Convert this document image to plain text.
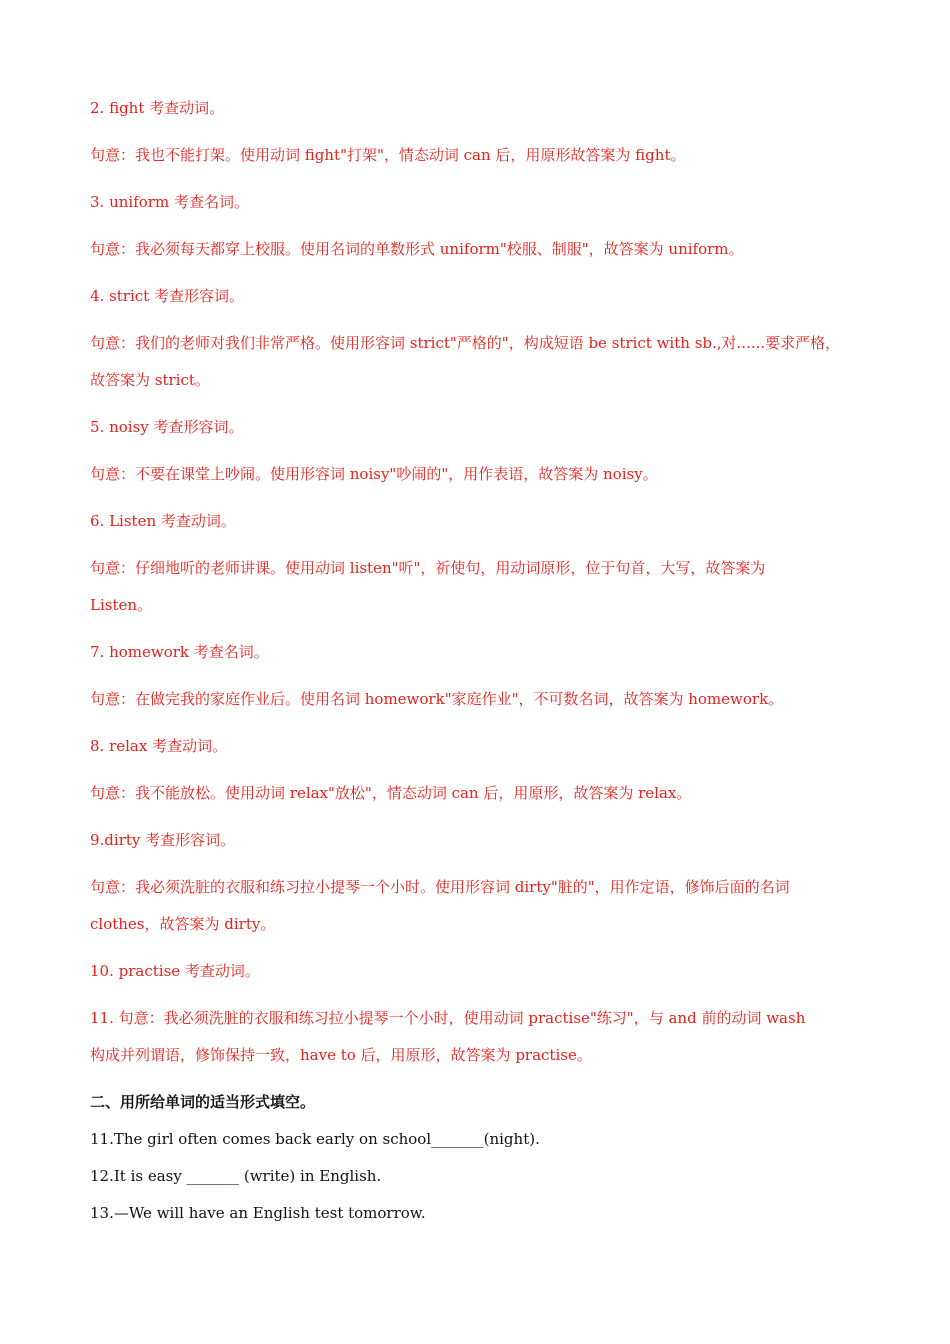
2. fight 考查动词。

句意：我也不能打架。使用动词 fight"打架"，情态动词 can 后，用原形故答案为 fight。

3. uniform 考查名词。

句意：我必须每天都穿上校服。使用名词的单数形式 uniform"校服、制服"，故答案为 uniform。

4. strict 考查形容词。

句意：我们的老师对我们非常严格。使用形容词 strict"严格的"，构成短语 be strict with sb.,对......要求严格，

故答案为 strict。

5. noisy 考查形容词。

句意：不要在课堂上吵闹。使用形容词 noisy"吵闹的"，用作表语，故答案为 noisy。

6. Listen 考查动词。

句意：仔细地听的老师讲课。使用动词 listen"听"，祈使句，用动词原形，位于句首，大写，故答案为

Listen。

7. homework 考查名词。

句意：在做完我的家庭作业后。使用名词 homework"家庭作业"，不可数名词，故答案为 homework。

8. relax 考查动词。

句意：我不能放松。使用动词 relax"放松"，情态动词 can 后，用原形，故答案为 relax。

9.dirty 考查形容词。

句意：我必须洗脏的衣服和练习拉小提琴一个小时。使用形容词 dirty"脏的"，用作定语，修饰后面的名词

clothes，故答案为 dirty。

10. practise 考查动词。

11. 句意：我必须洗脏的衣服和练习拉小提琴一个小时，使用动词 practise"练习"，与 and 前的动词 wash

构成并列谓语，修饰保持一致，have to 后，用原形，故答案为 practise。

二、用所给单词的适当形式填空。

11.The girl often comes back early on school_______(night).

12.It is easy _______ (write) in English.

13.—We will have an English test tomorrow.
